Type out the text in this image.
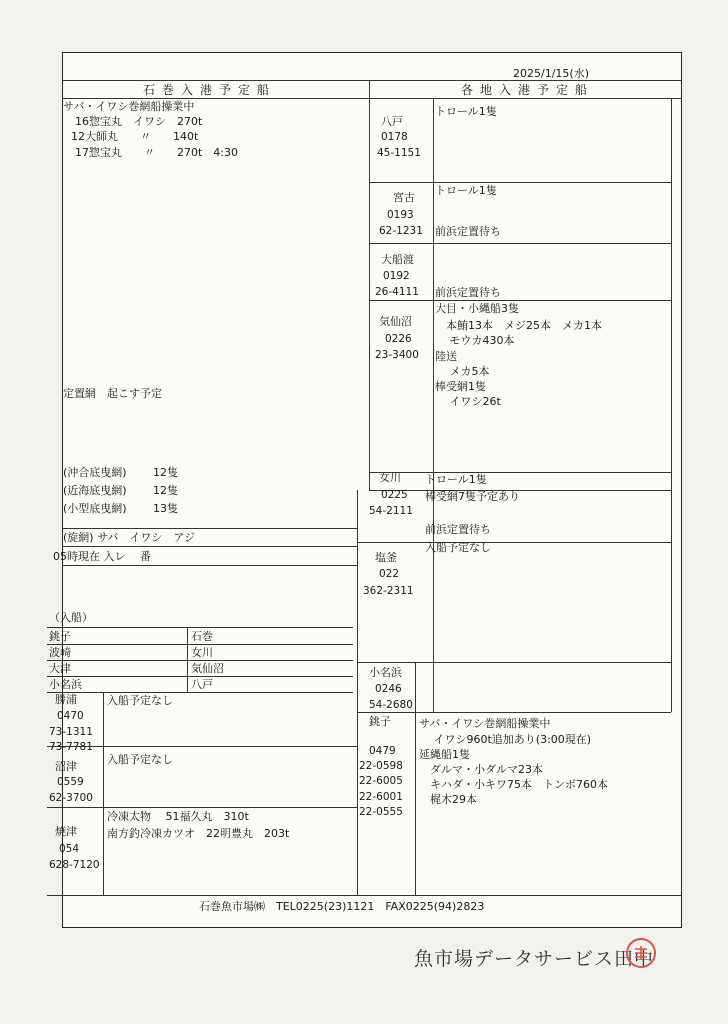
2025/1/15(水)
石巻入港予定船	各地入港予定船
サバ・イワシ巻網船操業中
16惣宝丸　イワシ　270t
12大師丸　　〃　　140t
17惣宝丸　　〃　　270t　4:30
定置網　起こす予定
(沖合底曳網) 12隻
(近海底曳網) 12隻
(小型底曳網) 13隻
(旋網) サバ　イワシ　アジ
05時現在 入レ　 番
（入船）
銚子
波崎
大津
小名浜
石巻
女川
気仙沼
八戸
勝浦
0470
73-1311
73-7781
入船予定なし
沼津
0559
62-3700
入船予定なし
焼津
054
628-7120
冷凍太物　 51福久丸　310t
南方釣冷凍カツオ　22明豊丸　203t
八戸
0178
45-1151
トロール1隻
宮古
0193
62-1231
トロール1隻
前浜定置待ち
大船渡
0192
26-4111 前浜定置待ち
気仙沼
0226
23-3400
大目・小縄船3隻
　本鮪13本　メジ25本　メカ1本
　 モウカ430本
陸送
　 メカ5本
棒受網1隻
　 イワシ26t
女川
0225
54-2111
トロール1隻
棒受網7隻予定あり
前浜定置待ち
塩釜
022
362-2311
入船予定なし
小名浜
0246
54-2680
銚子
0479
22-0598
22-6005
22-6001
22-0555
サバ・イワシ巻網船操業中
　 イワシ960t追加あり(3:00現在)
延縄船1隻
　ダルマ・小ダルマ23本
　キハダ・小キワ75本　トンボ760本
　梶木29本
石巻魚市場㈱　TEL0225(23)1121　FAX0225(94)2823
魚市場データサービス田中
